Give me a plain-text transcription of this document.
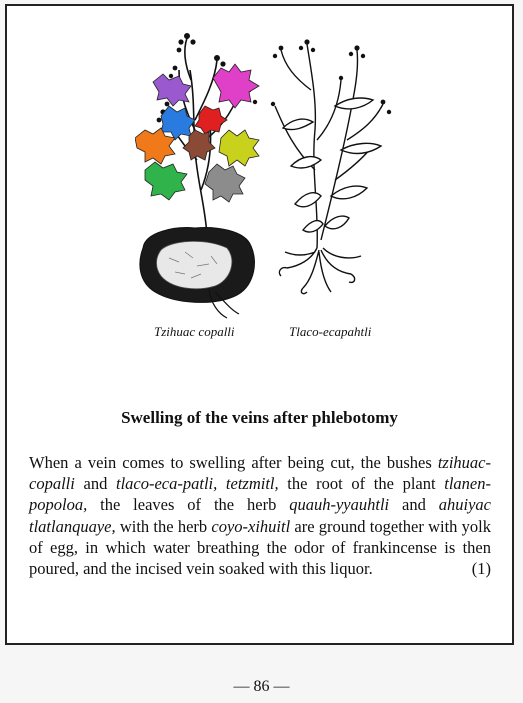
Tzihuac copalli	Tlaco-ecapahtli
Swelling of the veins after phlebotomy
When a vein comes to swelling after being cut, the bushes tzihuac-copalli and tlaco-eca-patli, tetzmitl, the root of the plant tlanen-popoloa, the leaves of the herb quauh-yyauhtli and ahuiyac tlatlanquaye, with the herb coyo-xihuitl are ground together with yolk of egg, in which water breathing the odor of frankincense is then poured, and the incised vein soaked with this liquor.	(1)
— 86 —
